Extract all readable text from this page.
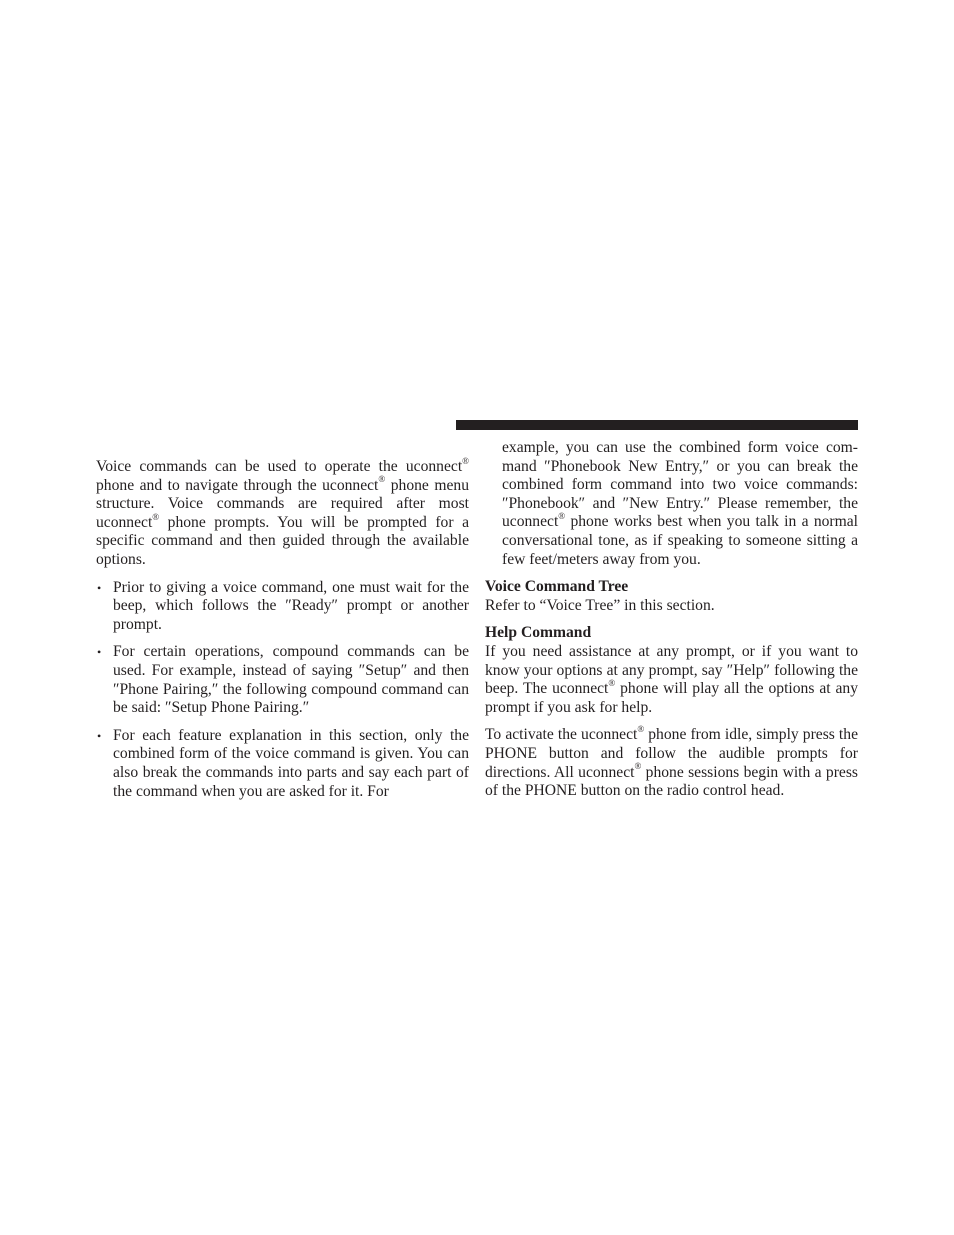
Voice commands can be used to operate the uconnect® phone and to navigate through the uconnect® phone menu structure. Voice commands are required after most uconnect® phone prompts. You will be prompted for a specific command and then guided through the available options.

• Prior to giving a voice command, one must wait for the beep, which follows the ″Ready″ prompt or another prompt.
• For certain operations, compound commands can be used. For example, instead of saying ″Setup″ and then ″Phone Pairing,″ the following compound command can be said: ″Setup Phone Pairing.″
• For each feature explanation in this section, only the combined form of the voice command is given. You can also break the commands into parts and say each part of the command when you are asked for it. For

example, you can use the combined form voice com-mand ″Phonebook New Entry,″ or you can break the combined form command into two voice commands: ″Phonebook″ and ″New Entry.″ Please remember, the uconnect® phone works best when you talk in a normal conversational tone, as if speaking to someone sitting a few feet/meters away from you.

Voice Command Tree

Refer to “Voice Tree” in this section.

Help Command

If you need assistance at any prompt, or if you want to know your options at any prompt, say ″Help″ following the beep. The uconnect® phone will play all the options at any prompt if you ask for help.

To activate the uconnect® phone from idle, simply press the PHONE button and follow the audible prompts for directions. All uconnect® phone sessions begin with a press of the PHONE button on the radio control head.
